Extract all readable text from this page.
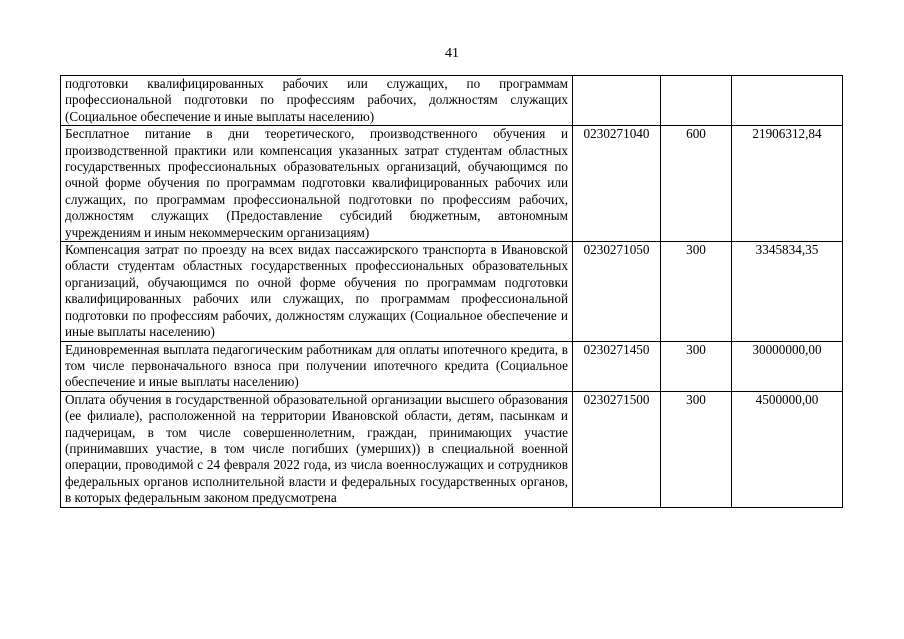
41
подготовки квалифицированных рабочих или служащих, по программам профессиональной подготовки по профессиям рабочих, должностям служащих (Социальное обеспечение и иные выплаты населению)			
Бесплатное питание в дни теоретического, производственного обучения и производственной практики или компенсация указанных затрат студентам областных государственных профессиональных образовательных организаций, обучающимся по очной форме обучения по программам подготовки квалифицированных рабочих или служащих, по программам профессиональной подготовки по профессиям рабочих, должностям служащих (Предоставление субсидий бюджетным, автономным учреждениям и иным некоммерческим организациям)	0230271040	600	21906312,84
Компенсация затрат по проезду на всех видах пассажирского транспорта в Ивановской области студентам областных государственных профессиональных образовательных организаций, обучающимся по очной форме обучения по программам подготовки квалифицированных рабочих или служащих, по программам профессиональной подготовки по профессиям рабочих, должностям служащих (Социальное обеспечение и иные выплаты населению)	0230271050	300	3345834,35
Единовременная выплата педагогическим работникам для оплаты ипотечного кредита, в том числе первоначального взноса при получении ипотечного кредита (Социальное обеспечение и иные выплаты населению)	0230271450	300	30000000,00
Оплата обучения в государственной образовательной организации высшего образования (ее филиале), расположенной на территории Ивановской области, детям, пасынкам и падчерицам, в том числе совершеннолетним, граждан, принимающих участие (принимавших участие, в том числе погибших (умерших)) в специальной военной операции, проводимой с 24 февраля 2022 года, из числа военнослужащих и сотрудников федеральных органов исполнительной власти и федеральных государственных органов, в которых федеральным законом предусмотрена	0230271500	300	4500000,00
